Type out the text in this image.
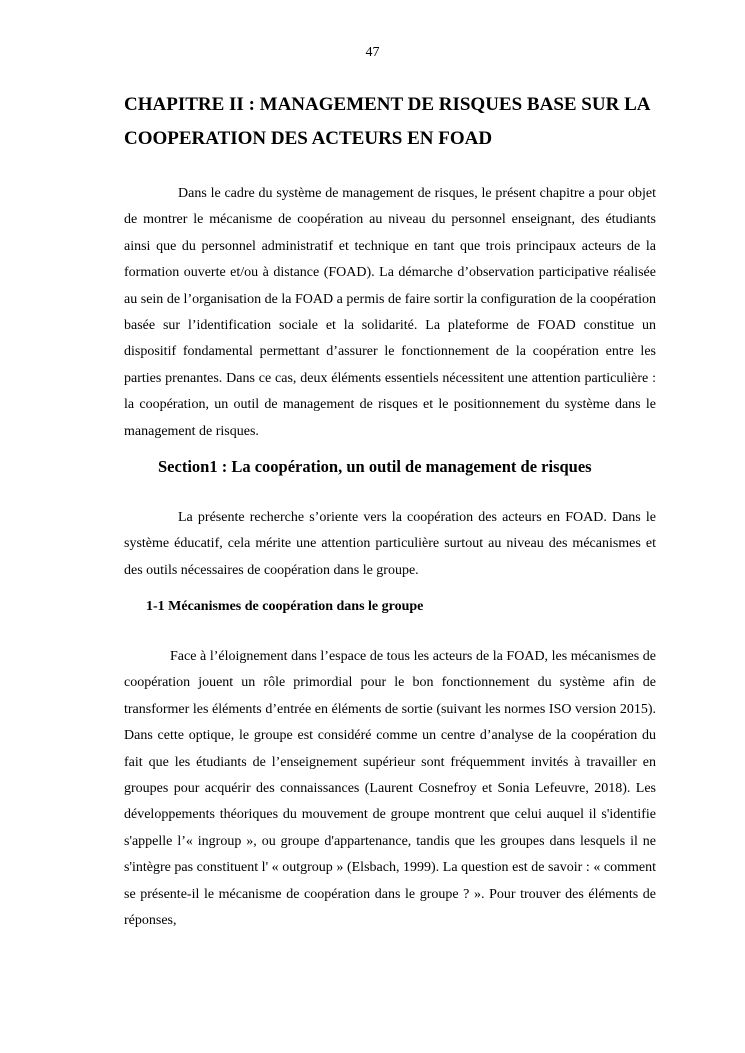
47
CHAPITRE II : MANAGEMENT DE RISQUES BASE SUR LA COOPERATION DES ACTEURS EN FOAD

Dans le cadre du système de management de risques, le présent chapitre a pour objet de montrer le mécanisme de coopération au niveau du personnel enseignant, des étudiants ainsi que du personnel administratif et technique en tant que trois principaux acteurs de la formation ouverte et/ou à distance (FOAD). La démarche d’observation participative réalisée au sein de l’organisation de la FOAD a permis de faire sortir la configuration de la coopération basée sur l’identification sociale et la solidarité. La plateforme de FOAD constitue un dispositif fondamental permettant d’assurer le fonctionnement de la coopération entre les parties prenantes. Dans ce cas, deux éléments essentiels nécessitent une attention particulière : la coopération, un outil de management de risques et le positionnement du système dans le management de risques.

Section1 : La coopération, un outil de management de risques

La présente recherche s’oriente vers la coopération des acteurs en FOAD. Dans le système éducatif, cela mérite une attention particulière surtout au niveau des mécanismes et des outils nécessaires de coopération dans le groupe.

1-1 Mécanismes de coopération dans le groupe

Face à l’éloignement dans l’espace de tous les acteurs de la FOAD, les mécanismes de coopération jouent un rôle primordial pour le bon fonctionnement du système afin de transformer les éléments d’entrée en éléments de sortie (suivant les normes ISO version 2015). Dans cette optique, le groupe est considéré comme un centre d’analyse de la coopération du fait que les étudiants de l’enseignement supérieur sont fréquemment invités à travailler en groupes pour acquérir des connaissances (Laurent Cosnefroy et Sonia Lefeuvre, 2018). Les développements théoriques du mouvement de groupe montrent que celui auquel il s'identifie s'appelle l’« ingroup », ou groupe d'appartenance, tandis que les groupes dans lesquels il ne s'intègre pas constituent l' « outgroup » (Elsbach, 1999). La question est de savoir : « comment se présente-il le mécanisme de coopération dans le groupe ? ». Pour trouver des éléments de réponses,
